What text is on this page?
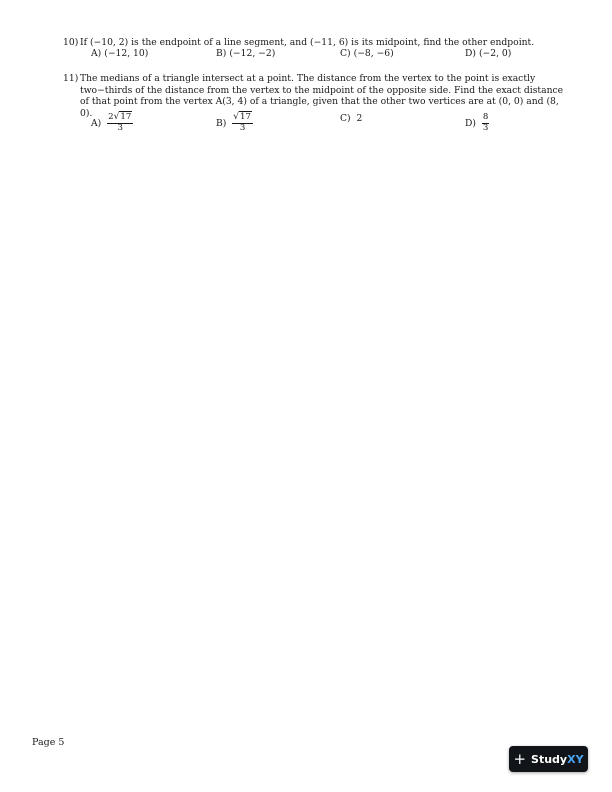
10) If (−10, 2) is the endpoint of a line segment, and (−11, 6) is its midpoint, find the other endpoint.
A) (−12, 10)	B) (−12, −2)	C) (−8, −6)	D) (−2, 0)
11) The medians of a triangle intersect at a point. The distance from the vertex to the point is exactly two−thirds of the distance from the vertex to the midpoint of the opposite side. Find the exact distance of that point from the vertex A(3, 4) of a triangle, given that the other two vertices are at (0, 0) and (8, 0).
$A) \frac{2√17}{3}$	$B) \frac{√17}{3}$	C) 2	$D) \frac{8}{3}$
Page 5
+ Study XY
